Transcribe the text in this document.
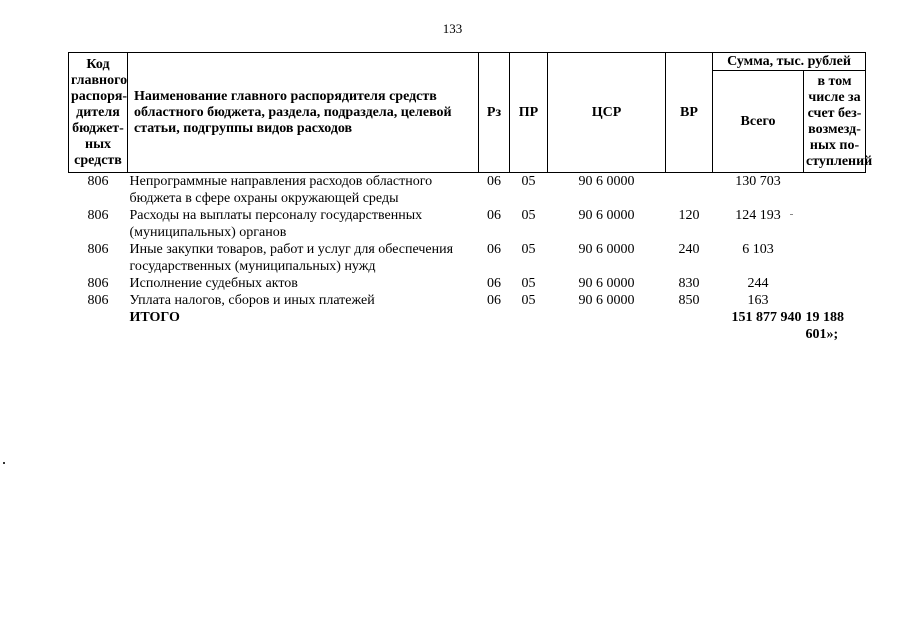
133
Код главного распоря-дителя бюджет-ных средств	Наименование главного распорядителя средств областного бюджета, раздела, подраздела, целевой статьи, подгруппы видов расходов	Рз	ПР	ЦСР	ВР	Сумма, тыс. рублей	
						Всего	в том числе за счет без-возмезд-ных по-ступлений
806	Непрограммные направления расходов областного бюджета в сфере охраны окружающей среды	06	05	90 6 0000		130 703	
806	Расходы на выплаты персоналу государственных (муниципальных) органов	06	05	90 6 0000	120	124 193	
806	Иные закупки товаров, работ и услуг для обеспечения государственных (муниципальных) нужд	06	05	90 6 0000	240	6 103	
806	Исполнение судебных актов	06	05	90 6 0000	830	244	
806	Уплата налогов, сборов и иных платежей	06	05	90 6 0000	850	163	
	ИТОГО					151 877 940	19 188 601»;
